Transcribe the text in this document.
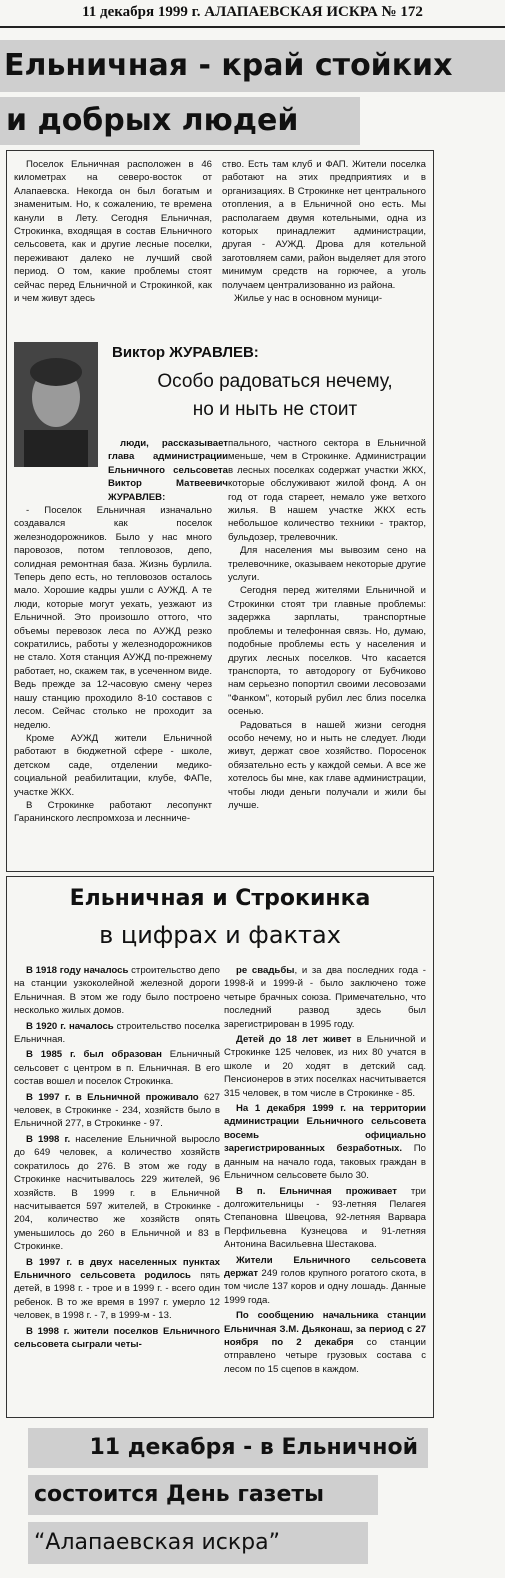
11 декабря 1999 г. АЛАПАЕВСКАЯ ИСКРА № 172
Ельничная - край стойких
и добрых людей

Поселок Ельничная расположен в 46 километрах на северо-восток от Алапаевска. Некогда он был богатым и знаменитым. Но, к сожалению, те времена канули в Лету. Сегодня Ельничная, Строкинка, входящая в состав Ельничного сельсовета, как и другие лесные поселки, переживают далеко не лучший свой период. О том, какие проблемы стоят сейчас перед Ельничной и Строкинкой, как и чем живут здесь

ство. Есть там клуб и ФАП. Жители поселка работают на этих предприятиях и в организациях. В Строкинке нет центрального отопления, а в Ельничной оно есть. Мы располагаем двумя котельными, одна из которых принадлежит администрации, другая - АУЖД. Дрова для котельной заготовляем сами, район выделяет для этого минимум средств на горючее, а уголь получаем централизованно из района.

Жилье у нас в основном муници-

Виктор ЖУРАВЛЕВ:
Особо радоваться нечему,
но и ныть не стоит

люди, рассказывает глава администрации Ельничного сельсовета Виктор Матвеевич ЖУРАВЛЕВ:

- Поселок Ельничная изначально создавался как поселок железнодорожников. Было у нас много паровозов, потом тепловозов, депо, солидная ремонтная база. Жизнь бурлила. Теперь депо есть, но тепловозов осталось мало. Хорошие кадры ушли с АУЖД. А те люди, которые могут уехать, уезжают из Ельничной. Это произошло оттого, что объемы перевозок леса по АУЖД резко сократились, работы у железнодорожников не стало. Хотя станция АУЖД по-прежнему работает, но, скажем так, в усеченном виде. Ведь прежде за 12-часовую смену через нашу станцию проходило 8-10 составов с лесом. Сейчас столько не проходит за неделю.

Кроме АУЖД жители Ельничной работают в бюджетной сфере - школе, детском саде, отделении медико-социальной реабилитации, клубе, ФАПе, участке ЖКХ.

В Строкинке работают лесопункт Гаранинского леспромхоза и леснниче-

пального, частного сектора в Ельничной меньше, чем в Строкинке. Администрации в лесных поселках содержат участки ЖКХ, которые обслуживают жилой фонд. А он год от года стареет, немало уже ветхого жилья. В нашем участке ЖКХ есть небольшое количество техники - трактор, бульдозер, трелевочник.

Для населения мы вывозим сено на трелевочнике, оказываем некоторые другие услуги.

Сегодня перед жителями Ельничной и Строкинки стоят три главные проблемы: задержка зарплаты, транспортные проблемы и телефонная связь. Но, думаю, подобные проблемы есть у населения и других лесных поселков. Что касается транспорта, то автодорогу от Бубчиково нам серьезно попортил своими лесовозами "Фанком", который рубил лес близ поселка осенью.

Радоваться в нашей жизни сегодня особо нечему, но и ныть не следует. Люди живут, держат свое хозяйство. Поросенок обязательно есть у каждой семьи. А все же хотелось бы мне, как главе администрации, чтобы люди деньги получали и жили бы лучше.

Ельничная и Строкинка
в цифрах и фактах

В 1918 году началось строительство депо на станции узкоколейной железной дороги Ельничная. В этом же году было построено несколько жилых домов.

В 1920 г. началось строительство поселка Ельничная.

В 1985 г. был образован Ельничный сельсовет с центром в п. Ельничная. В его состав вошел и поселок Строкинка.

В 1997 г. в Ельничной проживало 627 человек, в Строкинке - 234, хозяйств было в Ельничной 277, в Строкинке - 97.

В 1998 г. население Ельничной выросло до 649 человек, а количество хозяйств сократилось до 276. В этом же году в Строкинке насчитывалось 229 жителей, 96 хозяйств. В 1999 г. в Ельничной насчитывается 597 жителей, в Строкинке - 204, количество же хозяйств опять уменьшилось до 260 в Ельничной и 83 в Строкинке.

В 1997 г. в двух населенных пунктах Ельничного сельсовета родилось пять детей, в 1998 г. - трое и в 1999 г. - всего один ребенок. В то же время в 1997 г. умерло 12 человек, в 1998 г. - 7, в 1999-м - 13.

В 1998 г. жители поселков Ельничного сельсовета сыграли четы-

ре свадьбы, и за два последних года - 1998-й и 1999-й - было заключено тоже четыре брачных союза. Примечательно, что последний развод здесь был зарегистрирован в 1995 году.

Детей до 18 лет живет в Ельничной и Строкинке 125 человек, из них 80 учатся в школе и 20 ходят в детский сад. Пенсионеров в этих поселках насчитывается 315 человек, в том числе в Строкинке - 85.

На 1 декабря 1999 г. на территории администрации Ельничного сельсовета восемь официально зарегистрированных безработных. По данным на начало года, таковых граждан в Ельничном сельсовете было 30.

В п. Ельничная проживает три долгожительницы - 93-летняя Пелагея Степановна Швецова, 92-летняя Варвара Перфильевна Кузнецова и 91-летняя Антонина Васильевна Шестакова.

Жители Ельничного сельсовета держат 249 голов крупного рогатого скота, в том числе 137 коров и одну лошадь. Данные 1999 года.

По сообщению начальника станции Ельничная З.М. Дьяконаш, за период с 27 ноября по 2 декабря со станции отправлено четыре грузовых состава с лесом по 15 сцепов в каждом.

11 декабря - в Ельничной
состоится День газеты
“Алапаевская искра”
